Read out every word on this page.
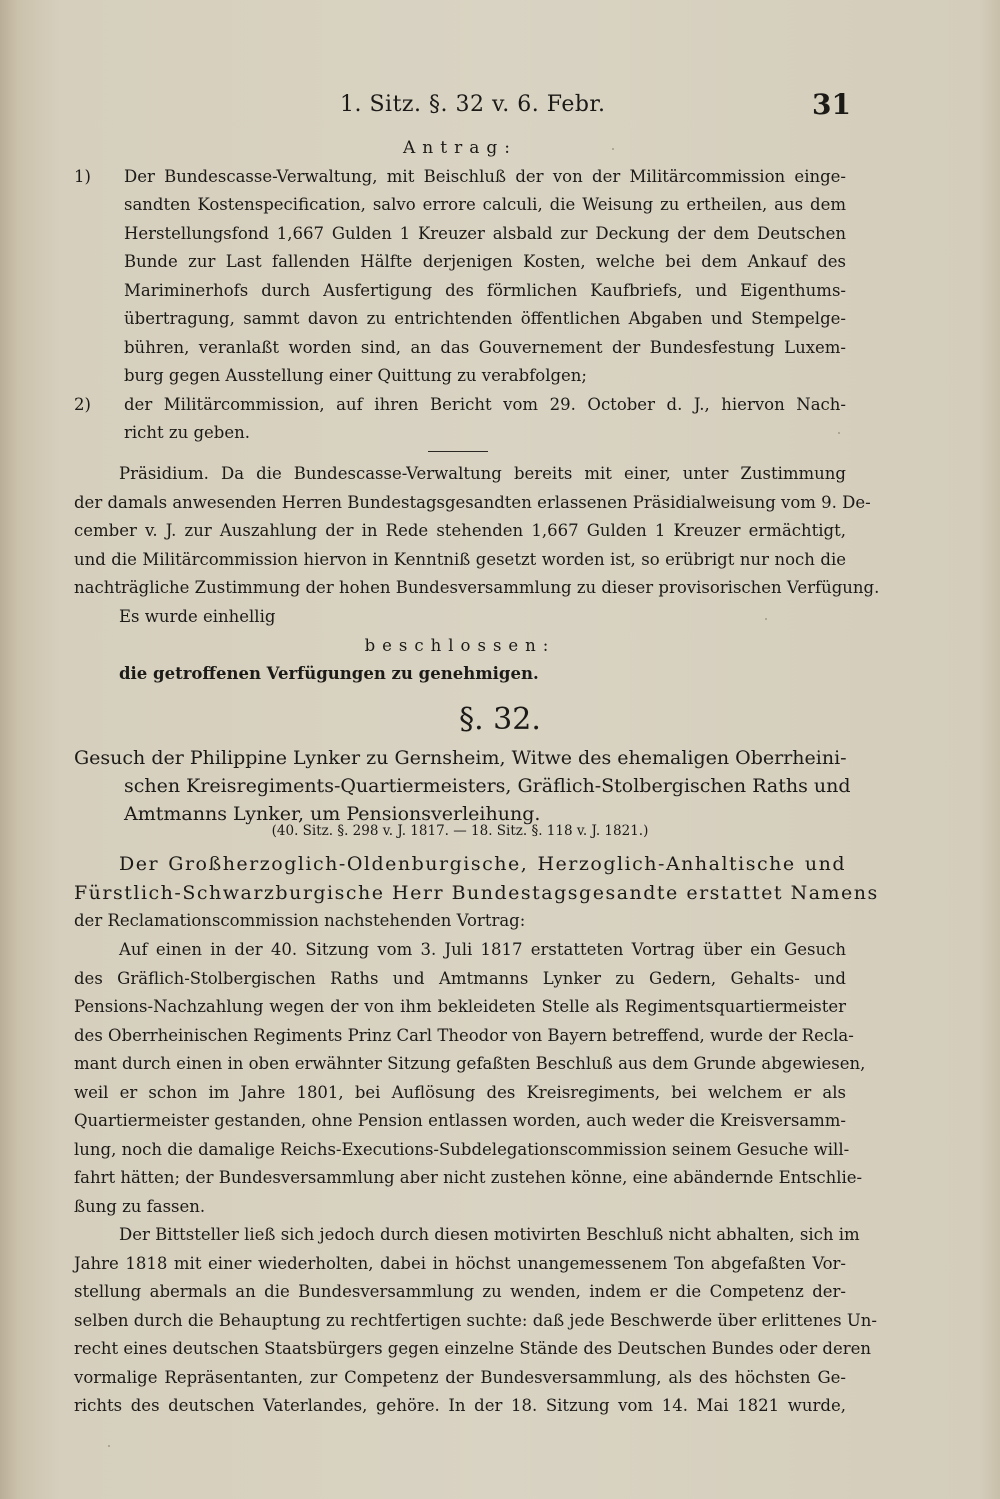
1. Sitz. §. 32 v. 6. Febr.	31
Antrag:
1)	Der Bundescasse-Verwaltung, mit Beischluß der von der Militärcommission einge-
sandten Kostenspecification, salvo errore calculi, die Weisung zu ertheilen, aus dem
Herstellungsfond 1,667 Gulden 1 Kreuzer alsbald zur Deckung der dem Deutschen
Bunde zur Last fallenden Hälfte derjenigen Kosten, welche bei dem Ankauf des
Mariminerhofs durch Ausfertigung des förmlichen Kaufbriefs, und Eigenthums-
übertragung, sammt davon zu entrichtenden öffentlichen Abgaben und Stempelge-
bühren, veranlaßt worden sind, an das Gouvernement der Bundesfestung Luxem-
burg gegen Ausstellung einer Quittung zu verabfolgen;
2)	der Militärcommission, auf ihren Bericht vom 29. October d. J., hiervon Nach-
richt zu geben.
Präsidium. Da die Bundescasse-Verwaltung bereits mit einer, unter Zustimmung
der damals anwesenden Herren Bundestagsgesandten erlassenen Präsidialweisung vom 9. De-
cember v. J. zur Auszahlung der in Rede stehenden 1,667 Gulden 1 Kreuzer ermächtigt,
und die Militärcommission hiervon in Kenntniß gesetzt worden ist, so erübrigt nur noch die
nachträgliche Zustimmung der hohen Bundesversammlung zu dieser provisorischen Verfügung.
Es wurde einhellig
beschlossen:
die getroffenen Verfügungen zu genehmigen.
§. 32.
Gesuch der Philippine Lynker zu Gernsheim, Witwe des ehemaligen Oberrheini-
schen Kreisregiments-Quartiermeisters, Gräflich-Stolbergischen Raths und
Amtmanns Lynker, um Pensionsverleihung.
(40. Sitz. §. 298 v. J. 1817. — 18. Sitz. §. 118 v. J. 1821.)
Der Großherzoglich-Oldenburgische, Herzoglich-Anhaltische und
Fürstlich-Schwarzburgische Herr Bundestagsgesandte erstattet Namens
der Reclamationscommission nachstehenden Vortrag:
Auf einen in der 40. Sitzung vom 3. Juli 1817 erstatteten Vortrag über ein Gesuch
des Gräflich-Stolbergischen Raths und Amtmanns Lynker zu Gedern, Gehalts- und
Pensions-Nachzahlung wegen der von ihm bekleideten Stelle als Regimentsquartiermeister
des Oberrheinischen Regiments Prinz Carl Theodor von Bayern betreffend, wurde der Recla-
mant durch einen in oben erwähnter Sitzung gefaßten Beschluß aus dem Grunde abgewiesen,
weil er schon im Jahre 1801, bei Auflösung des Kreisregiments, bei welchem er als
Quartiermeister gestanden, ohne Pension entlassen worden, auch weder die Kreisversamm-
lung, noch die damalige Reichs-Executions-Subdelegationscommission seinem Gesuche will-
fahrt hätten; der Bundesversammlung aber nicht zustehen könne, eine abändernde Entschlie-
ßung zu fassen.
Der Bittsteller ließ sich jedoch durch diesen motivirten Beschluß nicht abhalten, sich im
Jahre 1818 mit einer wiederholten, dabei in höchst unangemessenem Ton abgefaßten Vor-
stellung abermals an die Bundesversammlung zu wenden, indem er die Competenz der-
selben durch die Behauptung zu rechtfertigen suchte: daß jede Beschwerde über erlittenes Un-
recht eines deutschen Staatsbürgers gegen einzelne Stände des Deutschen Bundes oder deren
vormalige Repräsentanten, zur Competenz der Bundesversammlung, als des höchsten Ge-
richts des deutschen Vaterlandes, gehöre. In der 18. Sitzung vom 14. Mai 1821 wurde,
